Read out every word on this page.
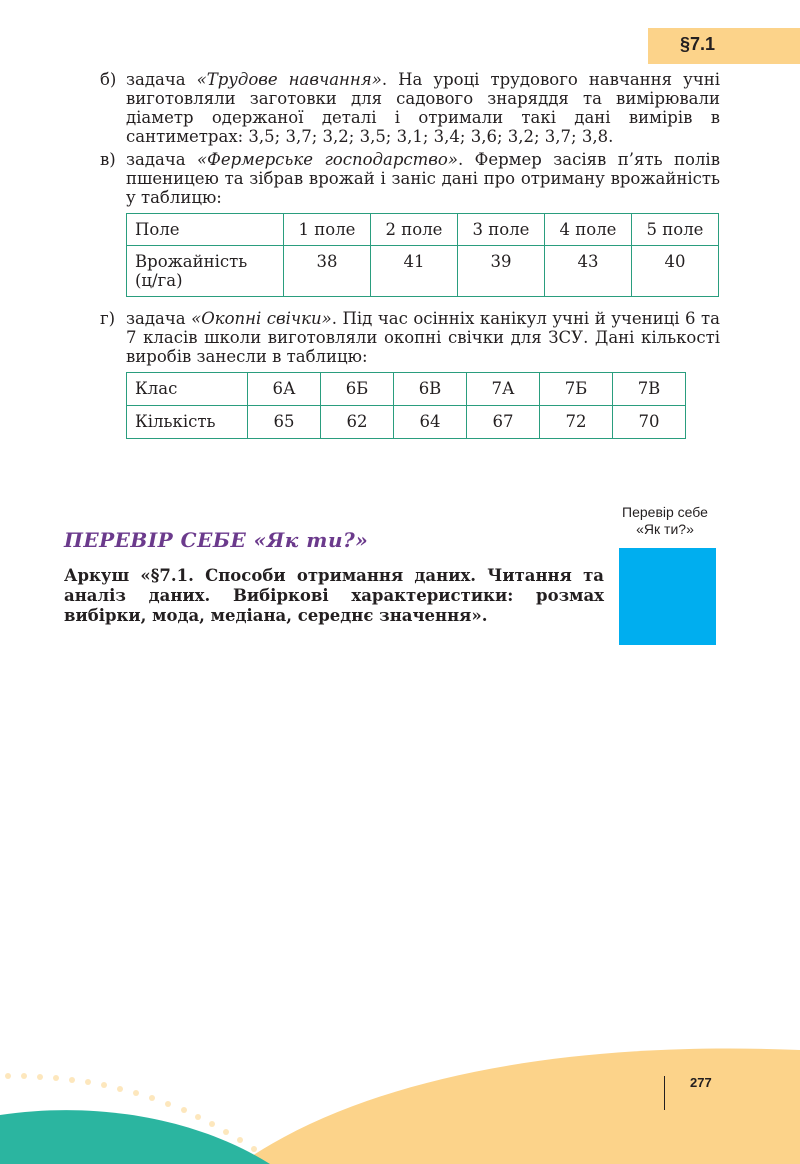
§7.1
б) задача «Трудове навчання». На уроці трудового навчання учні виготовляли заготовки для садового знаряддя та вимірювали діаметр одержаної деталі і отримали такі дані вимірів в сантиметрах: 3,5; 3,7; 3,2; 3,5; 3,1; 3,4; 3,6; 3,2; 3,7; 3,8.
в) задача «Фермерське господарство». Фермер засіяв п’ять полів пшеницею та зібрав врожай і заніс дані про отриману врожайність у таблицю:
Поле	1 поле	2 поле	3 поле	4 поле	5 поле
Врожайність (ц/га)	38	41	39	43	40
г) задача «Окопні свічки». Під час осінніх канікул учні й учениці 6 та 7 класів школи виготовляли окопні свічки для ЗСУ. Дані кількості виробів занесли в таблицю:
Клас	6А	6Б	6В	7А	7Б	7В
Кількість	65	62	64	67	72	70
Перевір себе
«Як ти?»
ПЕРЕВІР СЕБЕ «Як ти?»
Аркуш «§7.1. Способи отримання даних. Читання та аналіз даних. Вибіркові характеристики: розмах вибірки, мода, медіана, середнє значення».
277
